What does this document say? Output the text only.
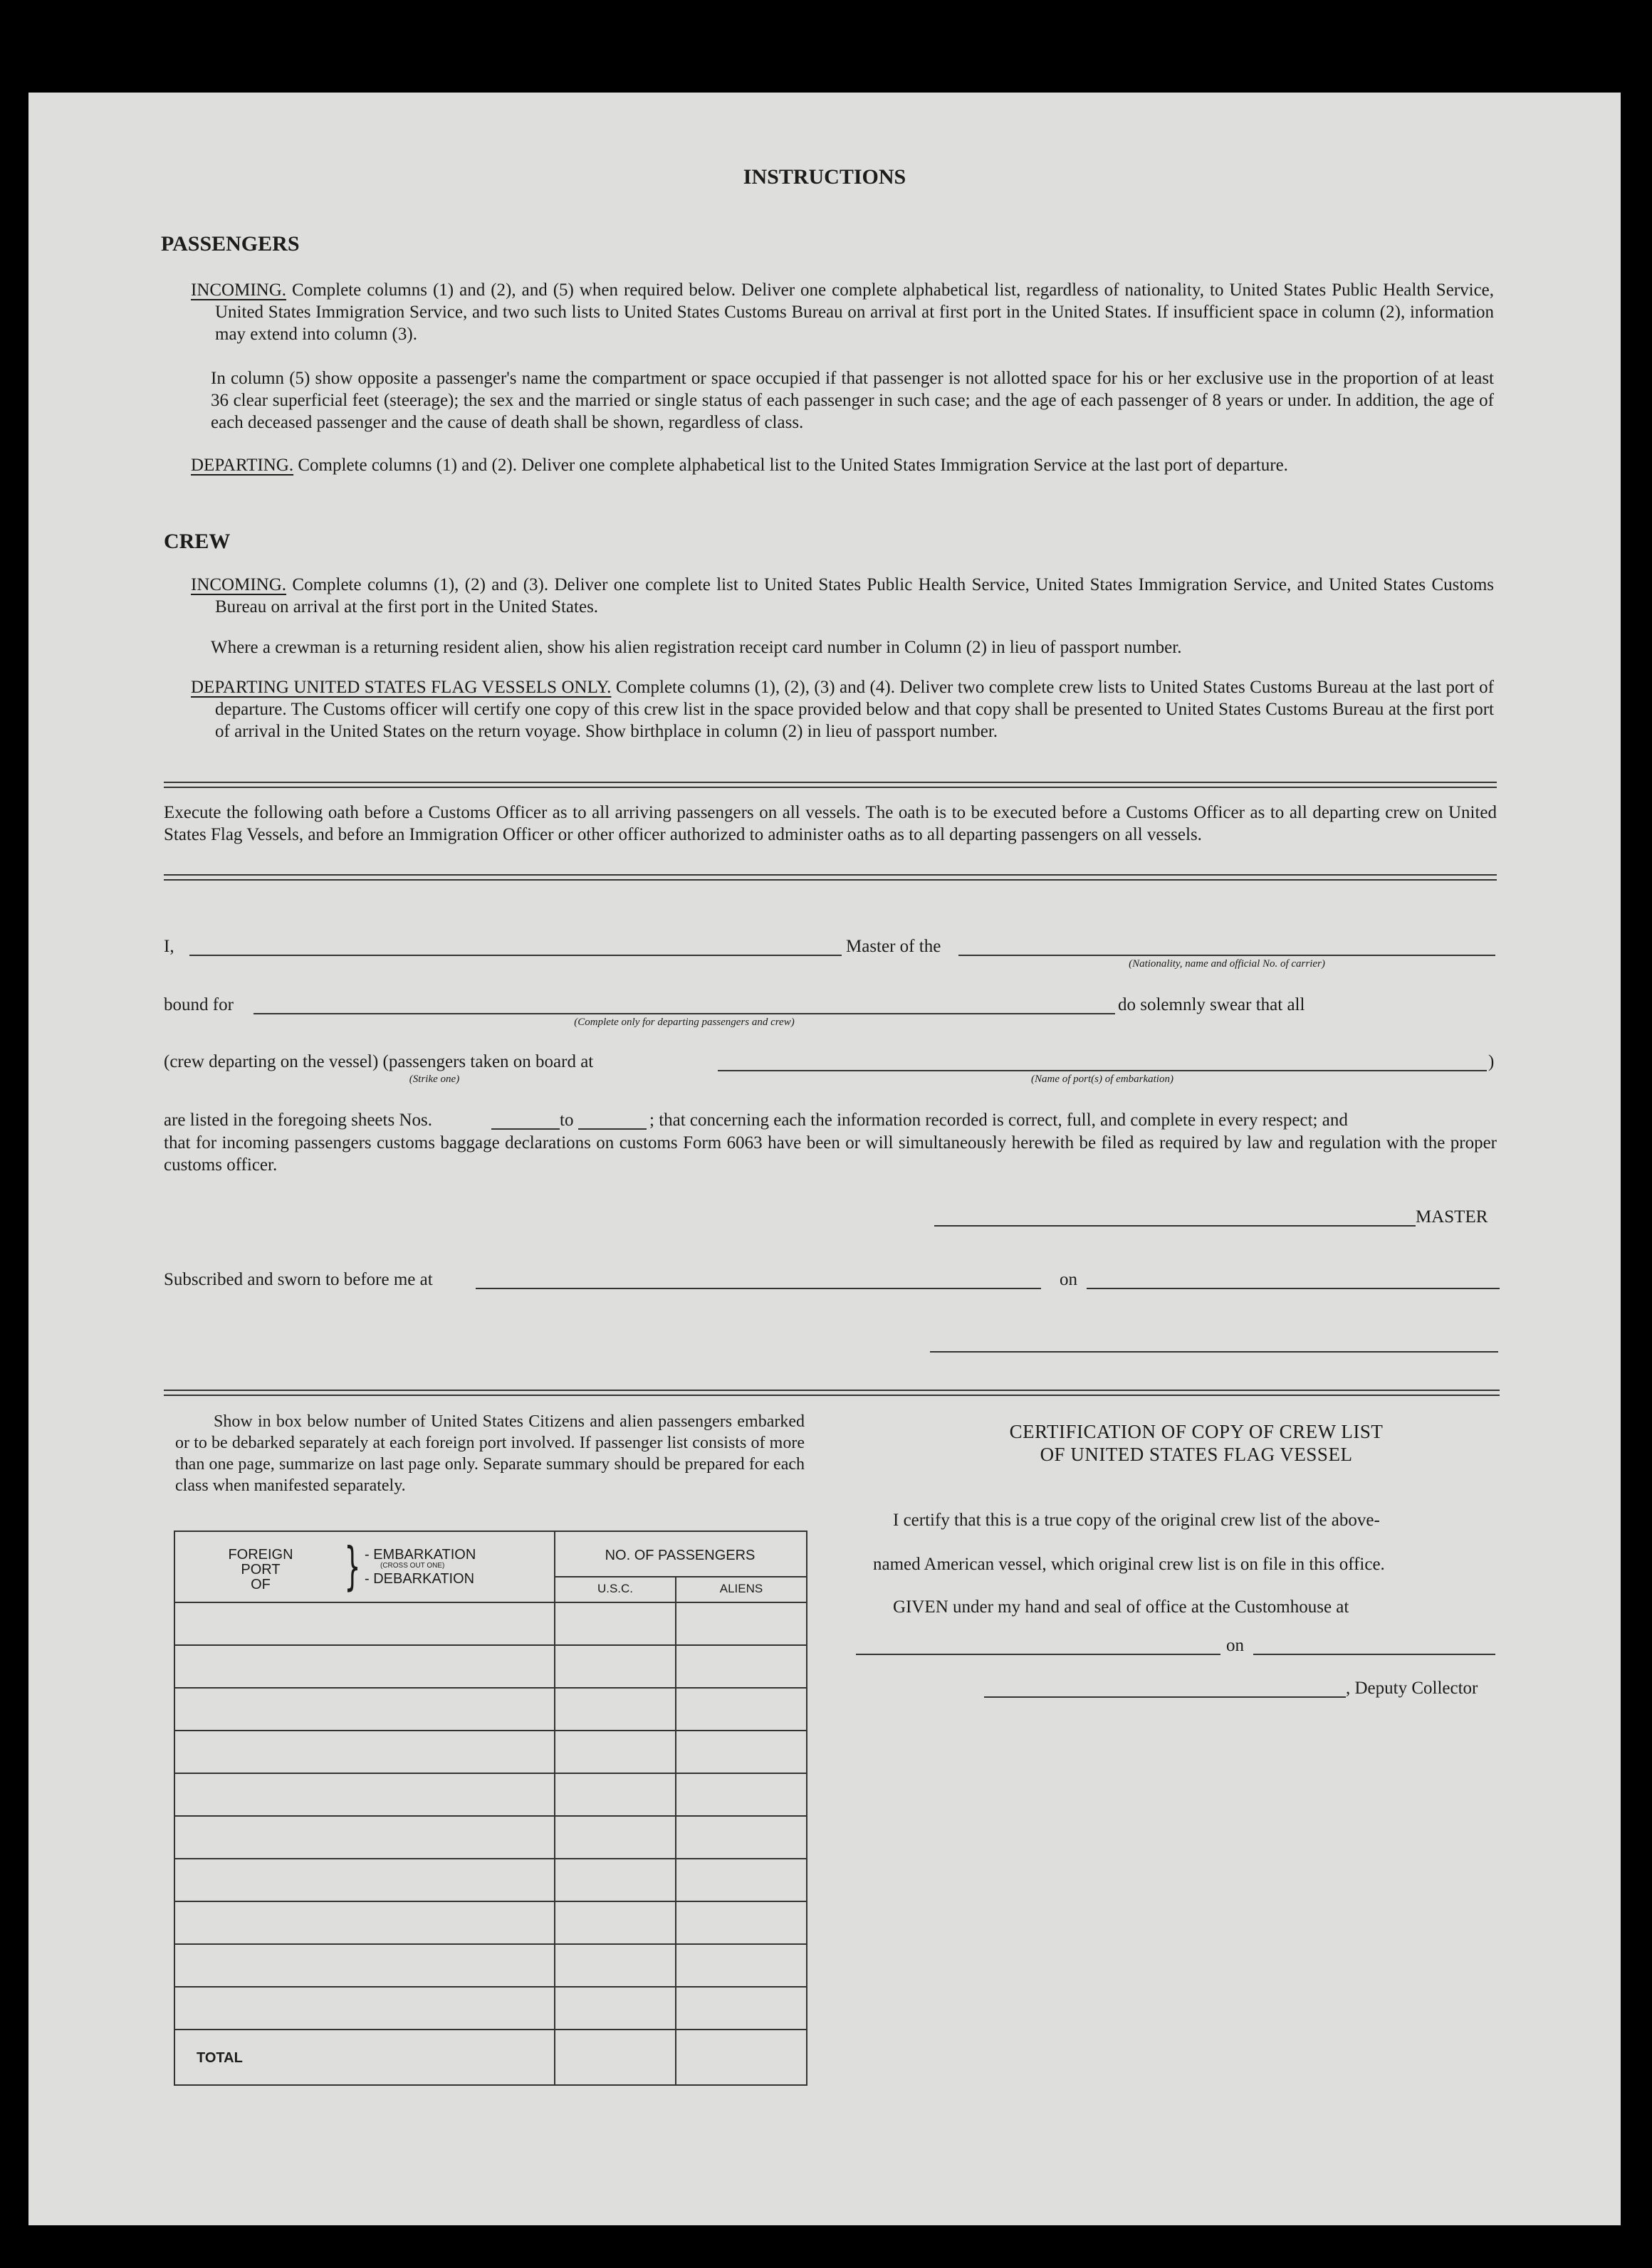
INSTRUCTIONS
PASSENGERS
INCOMING. Complete columns (1) and (2), and (5) when required below. Deliver one complete alphabetical list, regardless of nationality, to United States Public Health Service, United States Immigration Service, and two such lists to United States Customs Bureau on arrival at first port in the United States. If insufficient space in column (2), information may extend into column (3).
In column (5) show opposite a passenger's name the compartment or space occupied if that passenger is not allotted space for his or her exclusive use in the proportion of at least 36 clear superficial feet (steerage); the sex and the married or single status of each passenger in such case; and the age of each passenger of 8 years or under. In addition, the age of each deceased passenger and the cause of death shall be shown, regardless of class.
DEPARTING. Complete columns (1) and (2). Deliver one complete alphabetical list to the United States Immigration Service at the last port of departure.
CREW
INCOMING. Complete columns (1), (2) and (3). Deliver one complete list to United States Public Health Service, United States Immigration Service, and United States Customs Bureau on arrival at the first port in the United States.
Where a crewman is a returning resident alien, show his alien registration receipt card number in Column (2) in lieu of passport number.
DEPARTING UNITED STATES FLAG VESSELS ONLY. Complete columns (1), (2), (3) and (4). Deliver two complete crew lists to United States Customs Bureau at the last port of departure. The Customs officer will certify one copy of this crew list in the space provided below and that copy shall be presented to United States Customs Bureau at the first port of arrival in the United States on the return voyage. Show birthplace in column (2) in lieu of passport number.
Execute the following oath before a Customs Officer as to all arriving passengers on all vessels. The oath is to be executed before a Customs Officer as to all departing crew on United States Flag Vessels, and before an Immigration Officer or other officer authorized to administer oaths as to all departing passengers on all vessels.
I,	Master of the
(Nationality, name and official No. of carrier)
bound for
(Complete only for departing passengers and crew)
do solemnly swear that all
(crew departing on the vessel) (passengers taken on board at
(Strike one)	(Name of port(s) of embarkation)
)
are listed in the foregoing sheets Nos.	to	; that concerning each the information recorded is correct, full, and complete in every respect; and
that for incoming passengers customs baggage declarations on customs Form 6063 have been or will simultaneously herewith be filed as required by law and regulation with the proper customs officer.
MASTER
Subscribed and sworn to before me at	on
Show in box below number of United States Citizens and alien passengers embarked or to be debarked separately at each foreign port involved. If passenger list consists of more than one page, summarize on last page only. Separate summary should be prepared for each class when manifested separately.
FOREIGN
PORT
OF	} - EMBARKATION
(CROSS OUT ONE)
- DEBARKATION
NO. OF PASSENGERS
U.S.C.	ALIENS
TOTAL
CERTIFICATION OF COPY OF CREW LIST
OF UNITED STATES FLAG VESSEL
I certify that this is a true copy of the original crew list of the above-
named American vessel, which original crew list is on file in this office.
GIVEN under my hand and seal of office at the Customhouse at
on
, Deputy Collector
